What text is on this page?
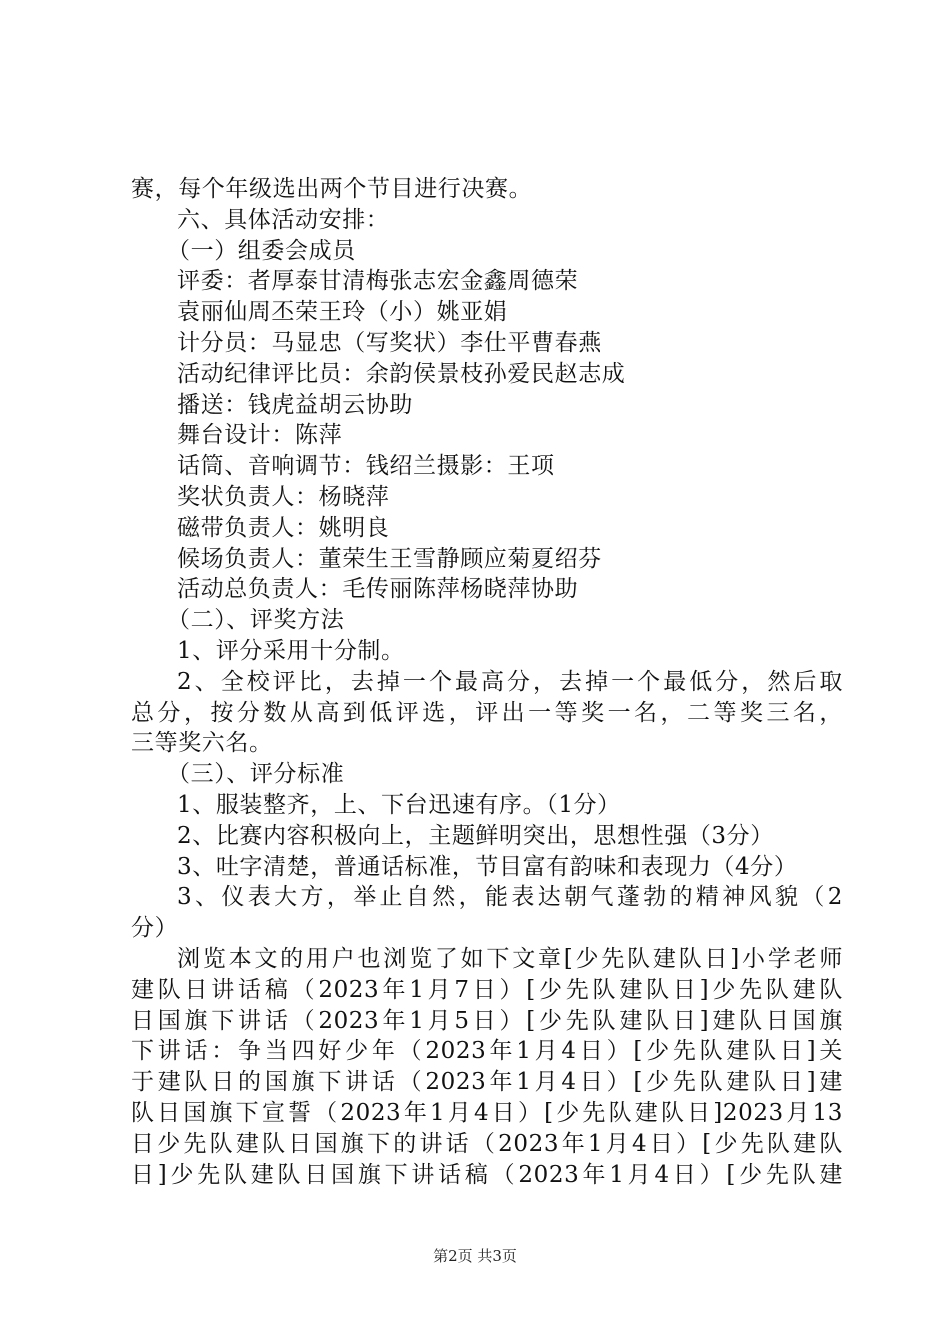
赛，每个年级选出两个节目进行决赛。
六、具体活动安排：
（一）组委会成员
评委：者厚泰甘清梅张志宏金鑫周德荣
袁丽仙周丕荣王玲（小）姚亚娟
计分员：马显忠（写奖状）李仕平曹春燕
活动纪律评比员：余韵侯景枝孙爱民赵志成
播送：钱虎益胡云协助
舞台设计：陈萍
话筒、音响调节：钱绍兰摄影：王项
奖状负责人：杨晓萍
磁带负责人：姚明良
候场负责人：董荣生王雪静顾应菊夏绍芬
活动总负责人：毛传丽陈萍杨晓萍协助
（二）、评奖方法
1、评分采用十分制。
2、全校评比，去掉一个最高分，去掉一个最低分，然后取
总分，按分数从高到低评选，评出一等奖一名，二等奖三名，
三等奖六名。
（三）、评分标准
1、服装整齐，上、下台迅速有序。（1分）
2、比赛内容积极向上，主题鲜明突出，思想性强（3分）
3、吐字清楚，普通话标准，节目富有韵味和表现力（4分）
3、仪表大方，举止自然，能表达朝气蓬勃的精神风貌（2
分）
浏览本文的用户也浏览了如下文章[少先队建队日]小学老师
建队日讲话稿（2023年1月7日）[少先队建队日]少先队建队
日国旗下讲话（2023年1月5日）[少先队建队日]建队日国旗
下讲话：争当四好少年（2023年1月4日）[少先队建队日]关
于建队日的国旗下讲话（2023年1月4日）[少先队建队日]建
队日国旗下宣誓（2023年1月4日）[少先队建队日]2023月13
日少先队建队日国旗下的讲话（2023年1月4日）[少先队建队
日]少先队建队日国旗下讲话稿（2023年1月4日）[少先队建
第2页 共3页
